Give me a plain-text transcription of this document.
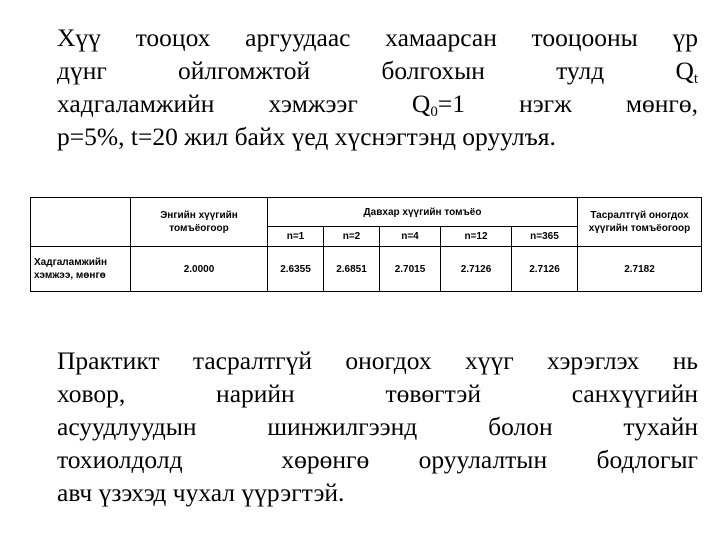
Хүү тооцох аргуудаас хамаарсан тооцооны үр
дүнг	ойлгомжтой	болгохын	тулд	$Q_t$
хадгаламжийн хэмжээг $Q_0=1$ нэгж мөнгө,
p=5%, t=20 жил байх үед хүснэгтэнд оруулъя.
	Энгийн хүүгийн томъёогоор	Давхар хүүгийн томъёо					Тасралтгүй оногдох хүүгийн томъёогоор
		n=1	n=2	n=4	n=12	n=365	
Хадгаламжийн хэмжээ, мөнгө	2.0000	2.6355	2.6851	2.7015	2.7126	2.7126	2.7182
Практикт тасралтгүй оногдох хүүг хэрэглэх нь
ховор,	нарийн	төвөгтэй	санхүүгийн
асуудлуудын шинжилгээнд	болон тухайн
тохиолдолд  хөрөнгө оруулалтын бодлогыг
авч үзэхэд чухал үүрэгтэй.
